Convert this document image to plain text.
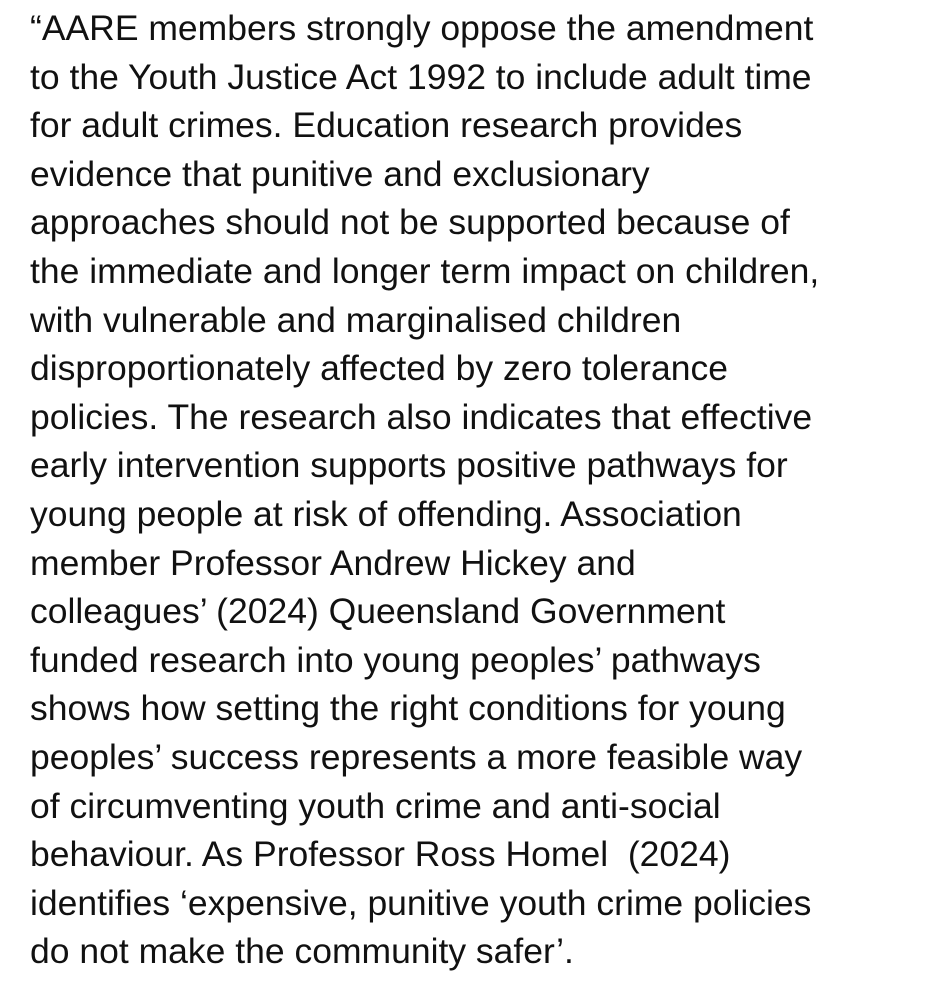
“AARE members strongly oppose the amendment
to the Youth Justice Act 1992 to include adult time
for adult crimes. Education research provides
evidence that punitive and exclusionary
approaches should not be supported because of
the immediate and longer term impact on children,
with vulnerable and marginalised children
disproportionately affected by zero tolerance
policies. The research also indicates that effective
early intervention supports positive pathways for
young people at risk of offending. Association
member Professor Andrew Hickey and
colleagues’ (2024) Queensland Government
funded research into young peoples’ pathways
shows how setting the right conditions for young
peoples’ success represents a more feasible way
of circumventing youth crime and anti-social
behaviour. As Professor Ross Homel  (2024)
identifies ‘expensive, punitive youth crime policies
do not make the community safer’.
